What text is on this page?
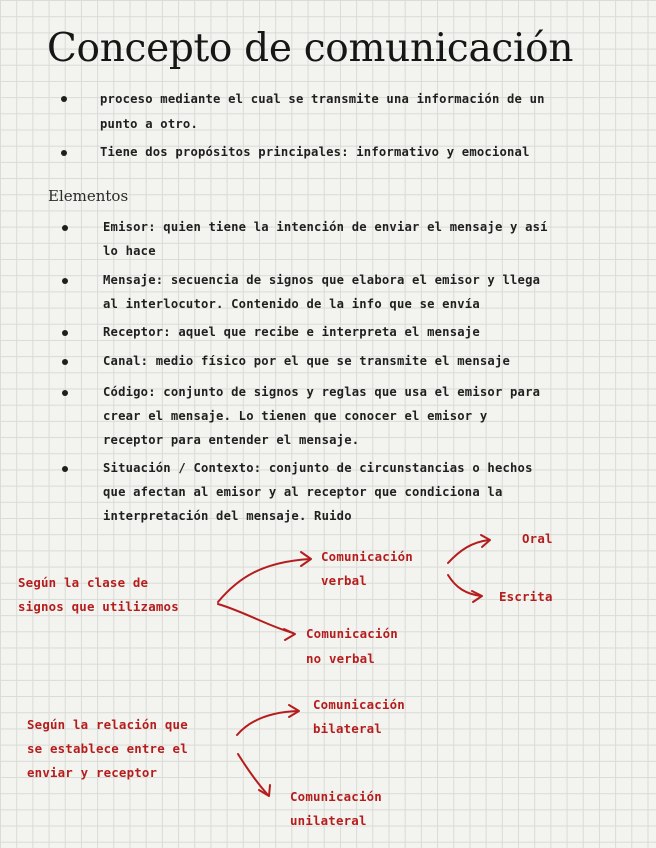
Concepto de comunicación
proceso mediante el cual se transmite una información de un
punto a otro.
Tiene dos propósitos principales: informativo y emocional
Elementos
Emisor: quien tiene la intención de enviar el mensaje y así
lo hace
Mensaje: secuencia de signos que elabora el emisor y llega
al interlocutor. Contenido de la info que se envía
Receptor: aquel que recibe e interpreta el mensaje
Canal: medio físico por el que se transmite el mensaje
Código: conjunto de signos y reglas que usa el emisor para
crear el mensaje. Lo tienen que conocer el emisor y
receptor para entender el mensaje.
Situación / Contexto: conjunto de circunstancias o hechos
que afectan al emisor y al receptor que condiciona la
interpretación del mensaje. Ruido
Según la clase de
signos que utilizamos
Comunicación
verbal
Oral
Escrita
Comunicación
no verbal
Según la relación que
se establece entre el
enviar y receptor
Comunicación
bilateral
Comunicación
unilateral
